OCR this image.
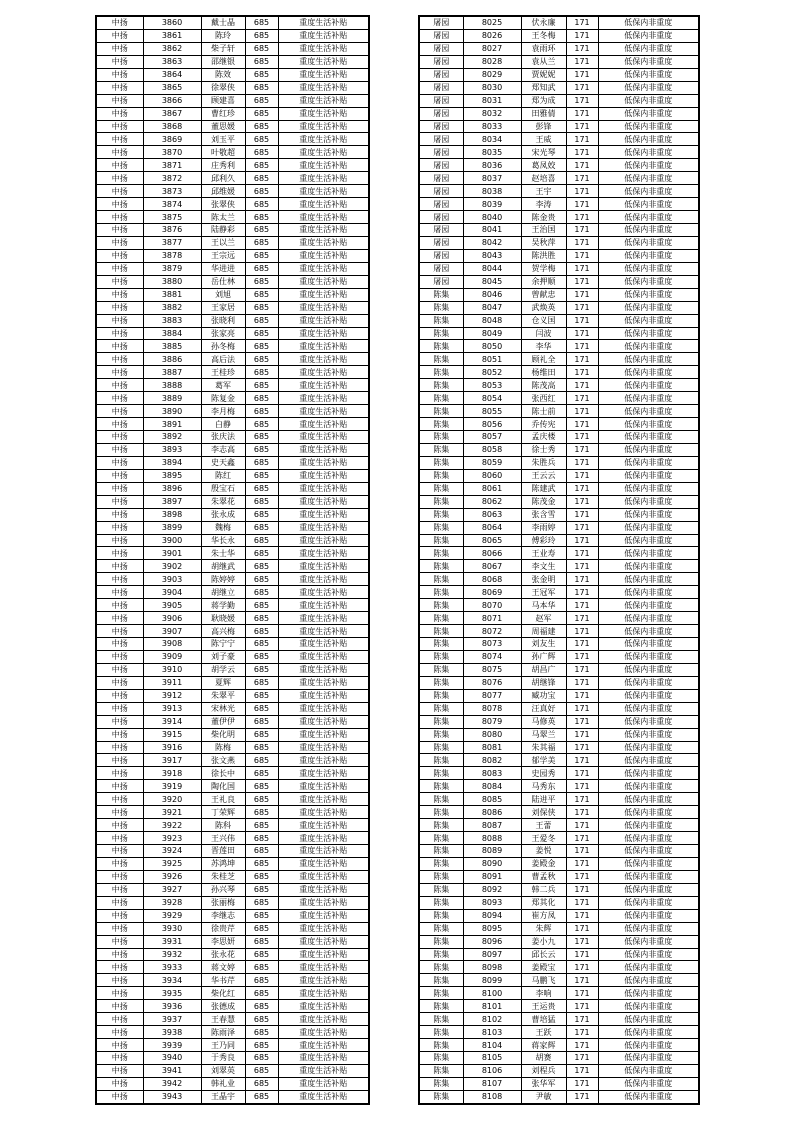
中扬	3860	戴士晶	685	重度生活补贴
中扬	3861	陈玲	685	重度生活补贴
中扬	3862	柴子轩	685	重度生活补贴
中扬	3863	邵继银	685	重度生活补贴
中扬	3864	陈效	685	重度生活补贴
中扬	3865	徐翠侠	685	重度生活补贴
中扬	3866	顾建喜	685	重度生活补贴
中扬	3867	曹红珍	685	重度生活补贴
中扬	3868	董思媛	685	重度生活补贴
中扬	3869	刘玉平	685	重度生活补贴
中扬	3870	叶敬超	685	重度生活补贴
中扬	3871	庄秀利	685	重度生活补贴
中扬	3872	邱利久	685	重度生活补贴
中扬	3873	邱维媛	685	重度生活补贴
中扬	3874	张翠侠	685	重度生活补贴
中扬	3875	陈太兰	685	重度生活补贴
中扬	3876	陆静彩	685	重度生活补贴
中扬	3877	王以兰	685	重度生活补贴
中扬	3878	王宗远	685	重度生活补贴
中扬	3879	华进进	685	重度生活补贴
中扬	3880	岳仕林	685	重度生活补贴
中扬	3881	刘旭	685	重度生活补贴
中扬	3882	王家居	685	重度生活补贴
中扬	3883	张晓利	685	重度生活补贴
中扬	3884	张家亮	685	重度生活补贴
中扬	3885	孙冬梅	685	重度生活补贴
中扬	3886	高后法	685	重度生活补贴
中扬	3887	王桂珍	685	重度生活补贴
中扬	3888	葛军	685	重度生活补贴
中扬	3889	陈复金	685	重度生活补贴
中扬	3890	李月梅	685	重度生活补贴
中扬	3891	白静	685	重度生活补贴
中扬	3892	张庆法	685	重度生活补贴
中扬	3893	李志高	685	重度生活补贴
中扬	3894	史天鑫	685	重度生活补贴
中扬	3895	陈红	685	重度生活补贴
中扬	3896	殷宝石	685	重度生活补贴
中扬	3897	朱翠花	685	重度生活补贴
中扬	3898	张永成	685	重度生活补贴
中扬	3899	魏梅	685	重度生活补贴
中扬	3900	华长永	685	重度生活补贴
中扬	3901	朱士华	685	重度生活补贴
中扬	3902	胡继武	685	重度生活补贴
中扬	3903	陈婷婷	685	重度生活补贴
中扬	3904	胡继立	685	重度生活补贴
中扬	3905	蒋学勤	685	重度生活补贴
中扬	3906	耿晓媛	685	重度生活补贴
中扬	3907	高兴梅	685	重度生活补贴
中扬	3908	陈宁宁	685	重度生活补贴
中扬	3909	刘子豪	685	重度生活补贴
中扬	3910	胡学云	685	重度生活补贴
中扬	3911	夏辉	685	重度生活补贴
中扬	3912	朱翠平	685	重度生活补贴
中扬	3913	宋林光	685	重度生活补贴
中扬	3914	董伊伊	685	重度生活补贴
中扬	3915	柴化明	685	重度生活补贴
中扬	3916	陈梅	685	重度生活补贴
中扬	3917	张文燕	685	重度生活补贴
中扬	3918	徐长中	685	重度生活补贴
中扬	3919	陶化国	685	重度生活补贴
中扬	3920	王礼良	685	重度生活补贴
中扬	3921	丁荣辉	685	重度生活补贴
中扬	3922	陈科	685	重度生活补贴
中扬	3923	王兴伟	685	重度生活补贴
中扬	3924	晋莲田	685	重度生活补贴
中扬	3925	苏鸿坤	685	重度生活补贴
中扬	3926	朱桂芝	685	重度生活补贴
中扬	3927	孙兴琴	685	重度生活补贴
中扬	3928	张丽梅	685	重度生活补贴
中扬	3929	李继志	685	重度生活补贴
中扬	3930	徐贵芹	685	重度生活补贴
中扬	3931	李思妍	685	重度生活补贴
中扬	3932	张永花	685	重度生活补贴
中扬	3933	蒋文婷	685	重度生活补贴
中扬	3934	华书芹	685	重度生活补贴
中扬	3935	柴化红	685	重度生活补贴
中扬	3936	张德成	685	重度生活补贴
中扬	3937	王春慧	685	重度生活补贴
中扬	3938	陈雨泽	685	重度生活补贴
中扬	3939	王乃同	685	重度生活补贴
中扬	3940	于秀良	685	重度生活补贴
中扬	3941	刘翠英	685	重度生活补贴
中扬	3942	韩礼业	685	重度生活补贴
中扬	3943	王晶宇	685	重度生活补贴
屠园	8025	伏永廉	171	低保内非重度
屠园	8026	王冬梅	171	低保内非重度
屠园	8027	袁雨环	171	低保内非重度
屠园	8028	袁从兰	171	低保内非重度
屠园	8029	贾妮妮	171	低保内非重度
屠园	8030	郑知武	171	低保内非重度
屠园	8031	郑为成	171	低保内非重度
屠园	8032	田雅倩	171	低保内非重度
屠园	8033	彭锋	171	低保内非重度
屠园	8034	王威	171	低保内非重度
屠园	8035	宋光琴	171	低保内非重度
屠园	8036	葛凤姣	171	低保内非重度
屠园	8037	赵培喜	171	低保内非重度
屠园	8038	王宇	171	低保内非重度
屠园	8039	李涛	171	低保内非重度
屠园	8040	陈金贵	171	低保内非重度
屠园	8041	王治国	171	低保内非重度
屠园	8042	吴秋萍	171	低保内非重度
屠园	8043	陈洪胜	171	低保内非重度
屠园	8044	贺学梅	171	低保内非重度
屠园	8045	余押顺	171	低保内非重度
陈集	8046	曾献忠	171	低保内非重度
陈集	8047	武焕英	171	低保内非重度
陈集	8048	仓义国	171	低保内非重度
陈集	8049	闫波	171	低保内非重度
陈集	8050	李华	171	低保内非重度
陈集	8051	顾礼全	171	低保内非重度
陈集	8052	杨维田	171	低保内非重度
陈集	8053	陈茂高	171	低保内非重度
陈集	8054	张西红	171	低保内非重度
陈集	8055	陈士前	171	低保内非重度
陈集	8056	乔传宪	171	低保内非重度
陈集	8057	孟庆楼	171	低保内非重度
陈集	8058	徐士秀	171	低保内非重度
陈集	8059	朱胜兵	171	低保内非重度
陈集	8060	王云云	171	低保内非重度
陈集	8061	陈建武	171	低保内非重度
陈集	8062	陈茂金	171	低保内非重度
陈集	8063	张含雪	171	低保内非重度
陈集	8064	李雨婷	171	低保内非重度
陈集	8065	傅彩玲	171	低保内非重度
陈集	8066	王业寿	171	低保内非重度
陈集	8067	李文生	171	低保内非重度
陈集	8068	张金明	171	低保内非重度
陈集	8069	王冠军	171	低保内非重度
陈集	8070	马本华	171	低保内非重度
陈集	8071	赵军	171	低保内非重度
陈集	8072	周福建	171	低保内非重度
陈集	8073	刘友生	171	低保内非重度
陈集	8074	孙广辉	171	低保内非重度
陈集	8075	胡昌广	171	低保内非重度
陈集	8076	胡继锋	171	低保内非重度
陈集	8077	臧功宝	171	低保内非重度
陈集	8078	汪真好	171	低保内非重度
陈集	8079	马修英	171	低保内非重度
陈集	8080	马翠兰	171	低保内非重度
陈集	8081	朱其福	171	低保内非重度
陈集	8082	郁学美	171	低保内非重度
陈集	8083	史园秀	171	低保内非重度
陈集	8084	马秀东	171	低保内非重度
陈集	8085	陆进平	171	低保内非重度
陈集	8086	刘保侠	171	低保内非重度
陈集	8087	王蕾	171	低保内非重度
陈集	8088	王爱冬	171	低保内非重度
陈集	8089	姜悦	171	低保内非重度
陈集	8090	姜殿金	171	低保内非重度
陈集	8091	曹孟秋	171	低保内非重度
陈集	8092	韩二兵	171	低保内非重度
陈集	8093	郑其化	171	低保内非重度
陈集	8094	崔方凤	171	低保内非重度
陈集	8095	朱辉	171	低保内非重度
陈集	8096	姜小九	171	低保内非重度
陈集	8097	邱长云	171	低保内非重度
陈集	8098	姜殿宝	171	低保内非重度
陈集	8099	马鹏飞	171	低保内非重度
陈集	8100	李响	171	低保内非重度
陈集	8101	王运贵	171	低保内非重度
陈集	8102	曹培猛	171	低保内非重度
陈集	8103	王跃	171	低保内非重度
陈集	8104	蒋家辉	171	低保内非重度
陈集	8105	胡赛	171	低保内非重度
陈集	8106	刘程兵	171	低保内非重度
陈集	8107	张华军	171	低保内非重度
陈集	8108	尹敏	171	低保内非重度
